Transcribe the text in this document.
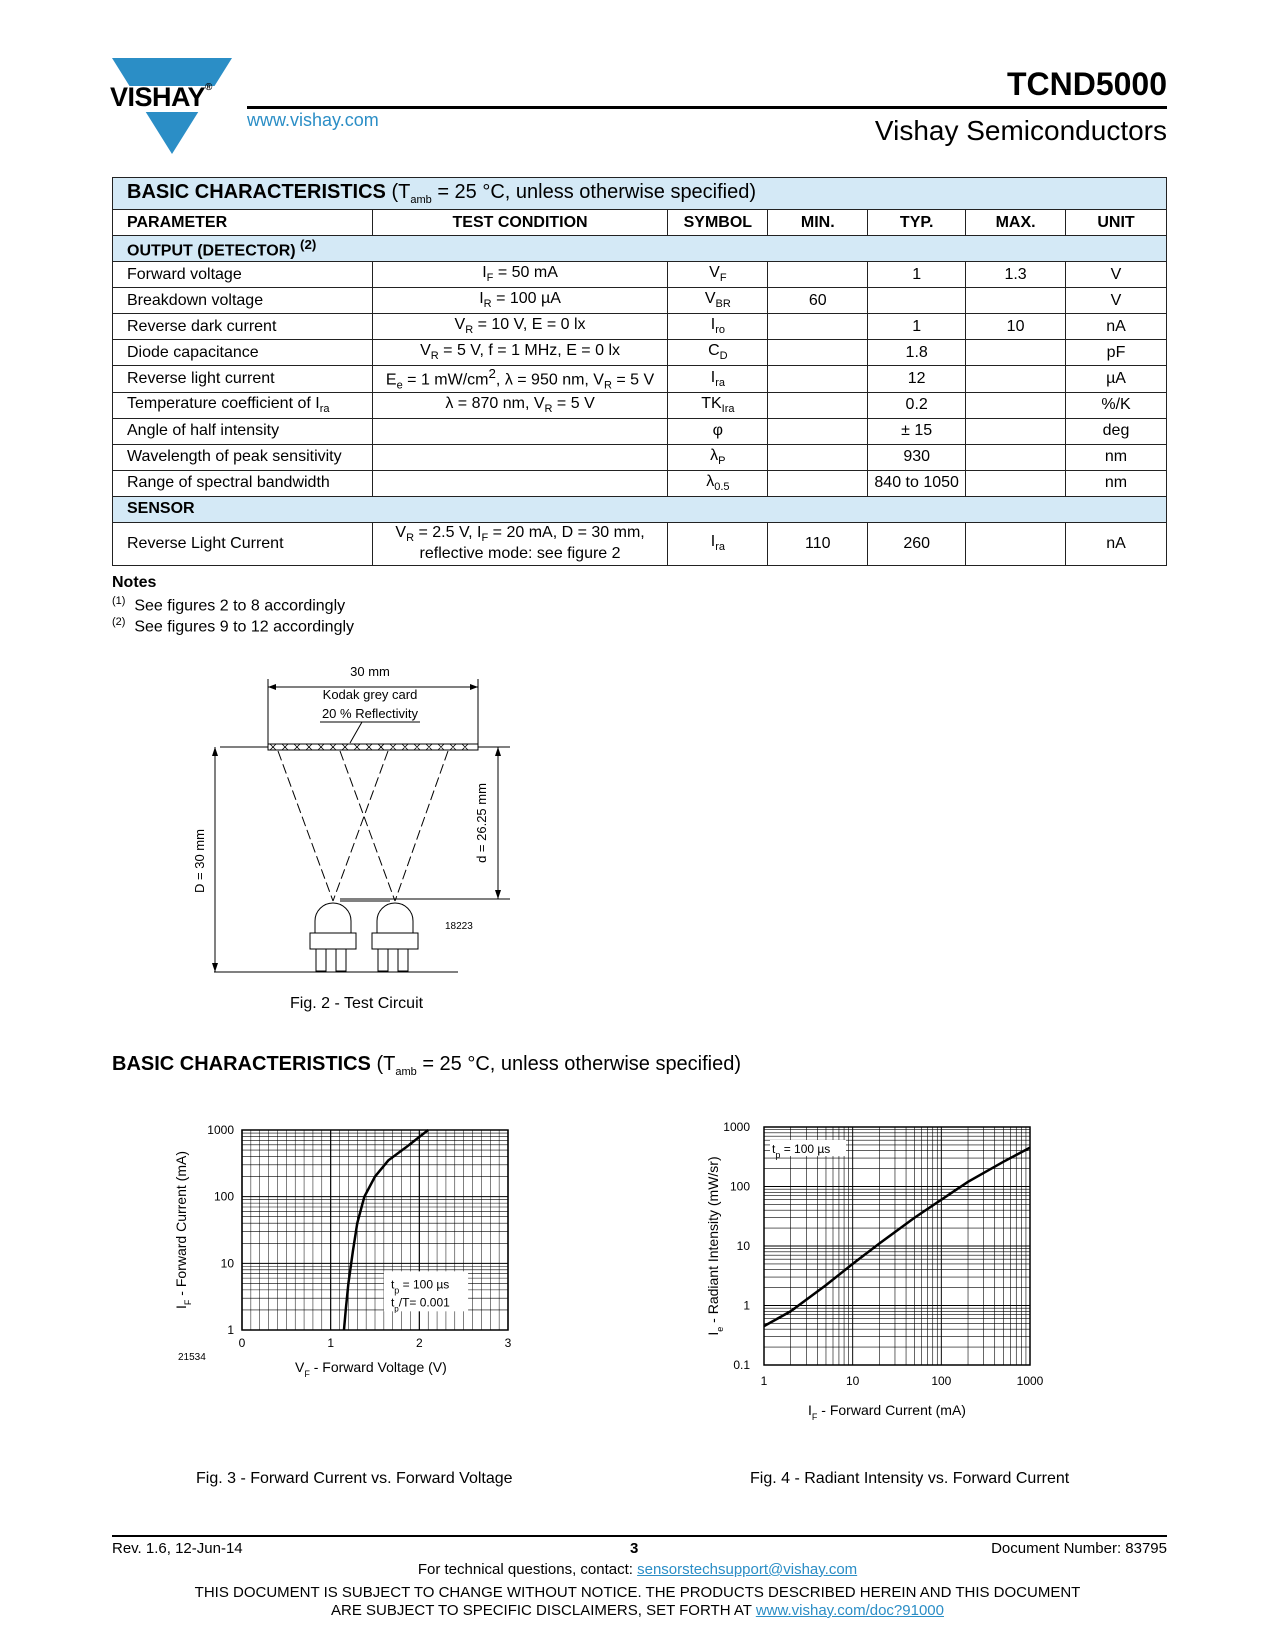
VISHAY®
www.vishay.com
TCND5000
Vishay Semiconductors
BASIC CHARACTERISTICS ($T_{amb} = 25$ °C, unless otherwise specified)						
PARAMETER	TEST CONDITION	SYMBOL	MIN.	TYP.	MAX.	UNIT
OUTPUT (DETECTOR) $^{(2)}$
Forward voltage	$I_F = 50$ mA	$V_F$		1	1.3	V
Breakdown voltage	$I_R = 100$ µA	$V_{BR}$	60			V
Reverse dark current	$V_R = 10$ V, E = 0 lx	$I_{ro}$		1	10	nA
Diode capacitance	$V_R = 5$ V, f = 1 MHz, E = 0 lx	$C_D$		1.8		pF
Reverse light current	$E_e = 1$ $mW/cm^2$, λ = 950 nm, $V_R = 5$ V	$I_{ra}$		12		µA
Temperature coefficient of $I_{ra}$	λ = 870 nm, $V_R = 5$ V	$TK_{Ira}$		0.2		%/K
Angle of half intensity		φ		± 15		deg
Wavelength of peak sensitivity		$\lambda_P$		930		nm
Range of spectral bandwidth		$\lambda_{0.5}$		840 to 1050		nm
SENSOR						
Reverse Light Current	$V_R = 2.5$ V, $I_F = 20$ mA, D = 30 mm,
reflective mode: see figure 2	$I_{ra}$	110	260		nA
Notes
$^{(1)}$ See figures 2 to 8 accordingly
$^{(2)}$ See figures 9 to 12 accordingly
30 mm
Kodak grey card
20 % Reflectivity
D = 30 mm	d = 26.25 mm
18223
Fig. 2 - Test Circuit
BASIC CHARACTERISTICS ($T_{amb} = 25$ °C, unless otherwise specified)
$t_p = 100$ µs
$t_p/T= 0.001$
1
10
100
1000
0	1	2	3
21534
$V_F$ - Forward Voltage (V)
$I_F$ - Forward Current (mA)
$t_p = 100$ µs
0.1
1
10
100
1000
1	10	100	1000
$I_F$ - Forward Current (mA)
$I_e$ - Radiant Intensity (mW/sr)
Fig. 3 - Forward Current vs. Forward Voltage	Fig. 4 - Radiant Intensity vs. Forward Current
Rev. 1.6, 12-Jun-14	3	Document Number: 83795
For technical questions, contact: sensorstechsupport@vishay.com
THIS DOCUMENT IS SUBJECT TO CHANGE WITHOUT NOTICE. THE PRODUCTS DESCRIBED HEREIN AND THIS DOCUMENT
ARE SUBJECT TO SPECIFIC DISCLAIMERS, SET FORTH AT www.vishay.com/doc?91000
